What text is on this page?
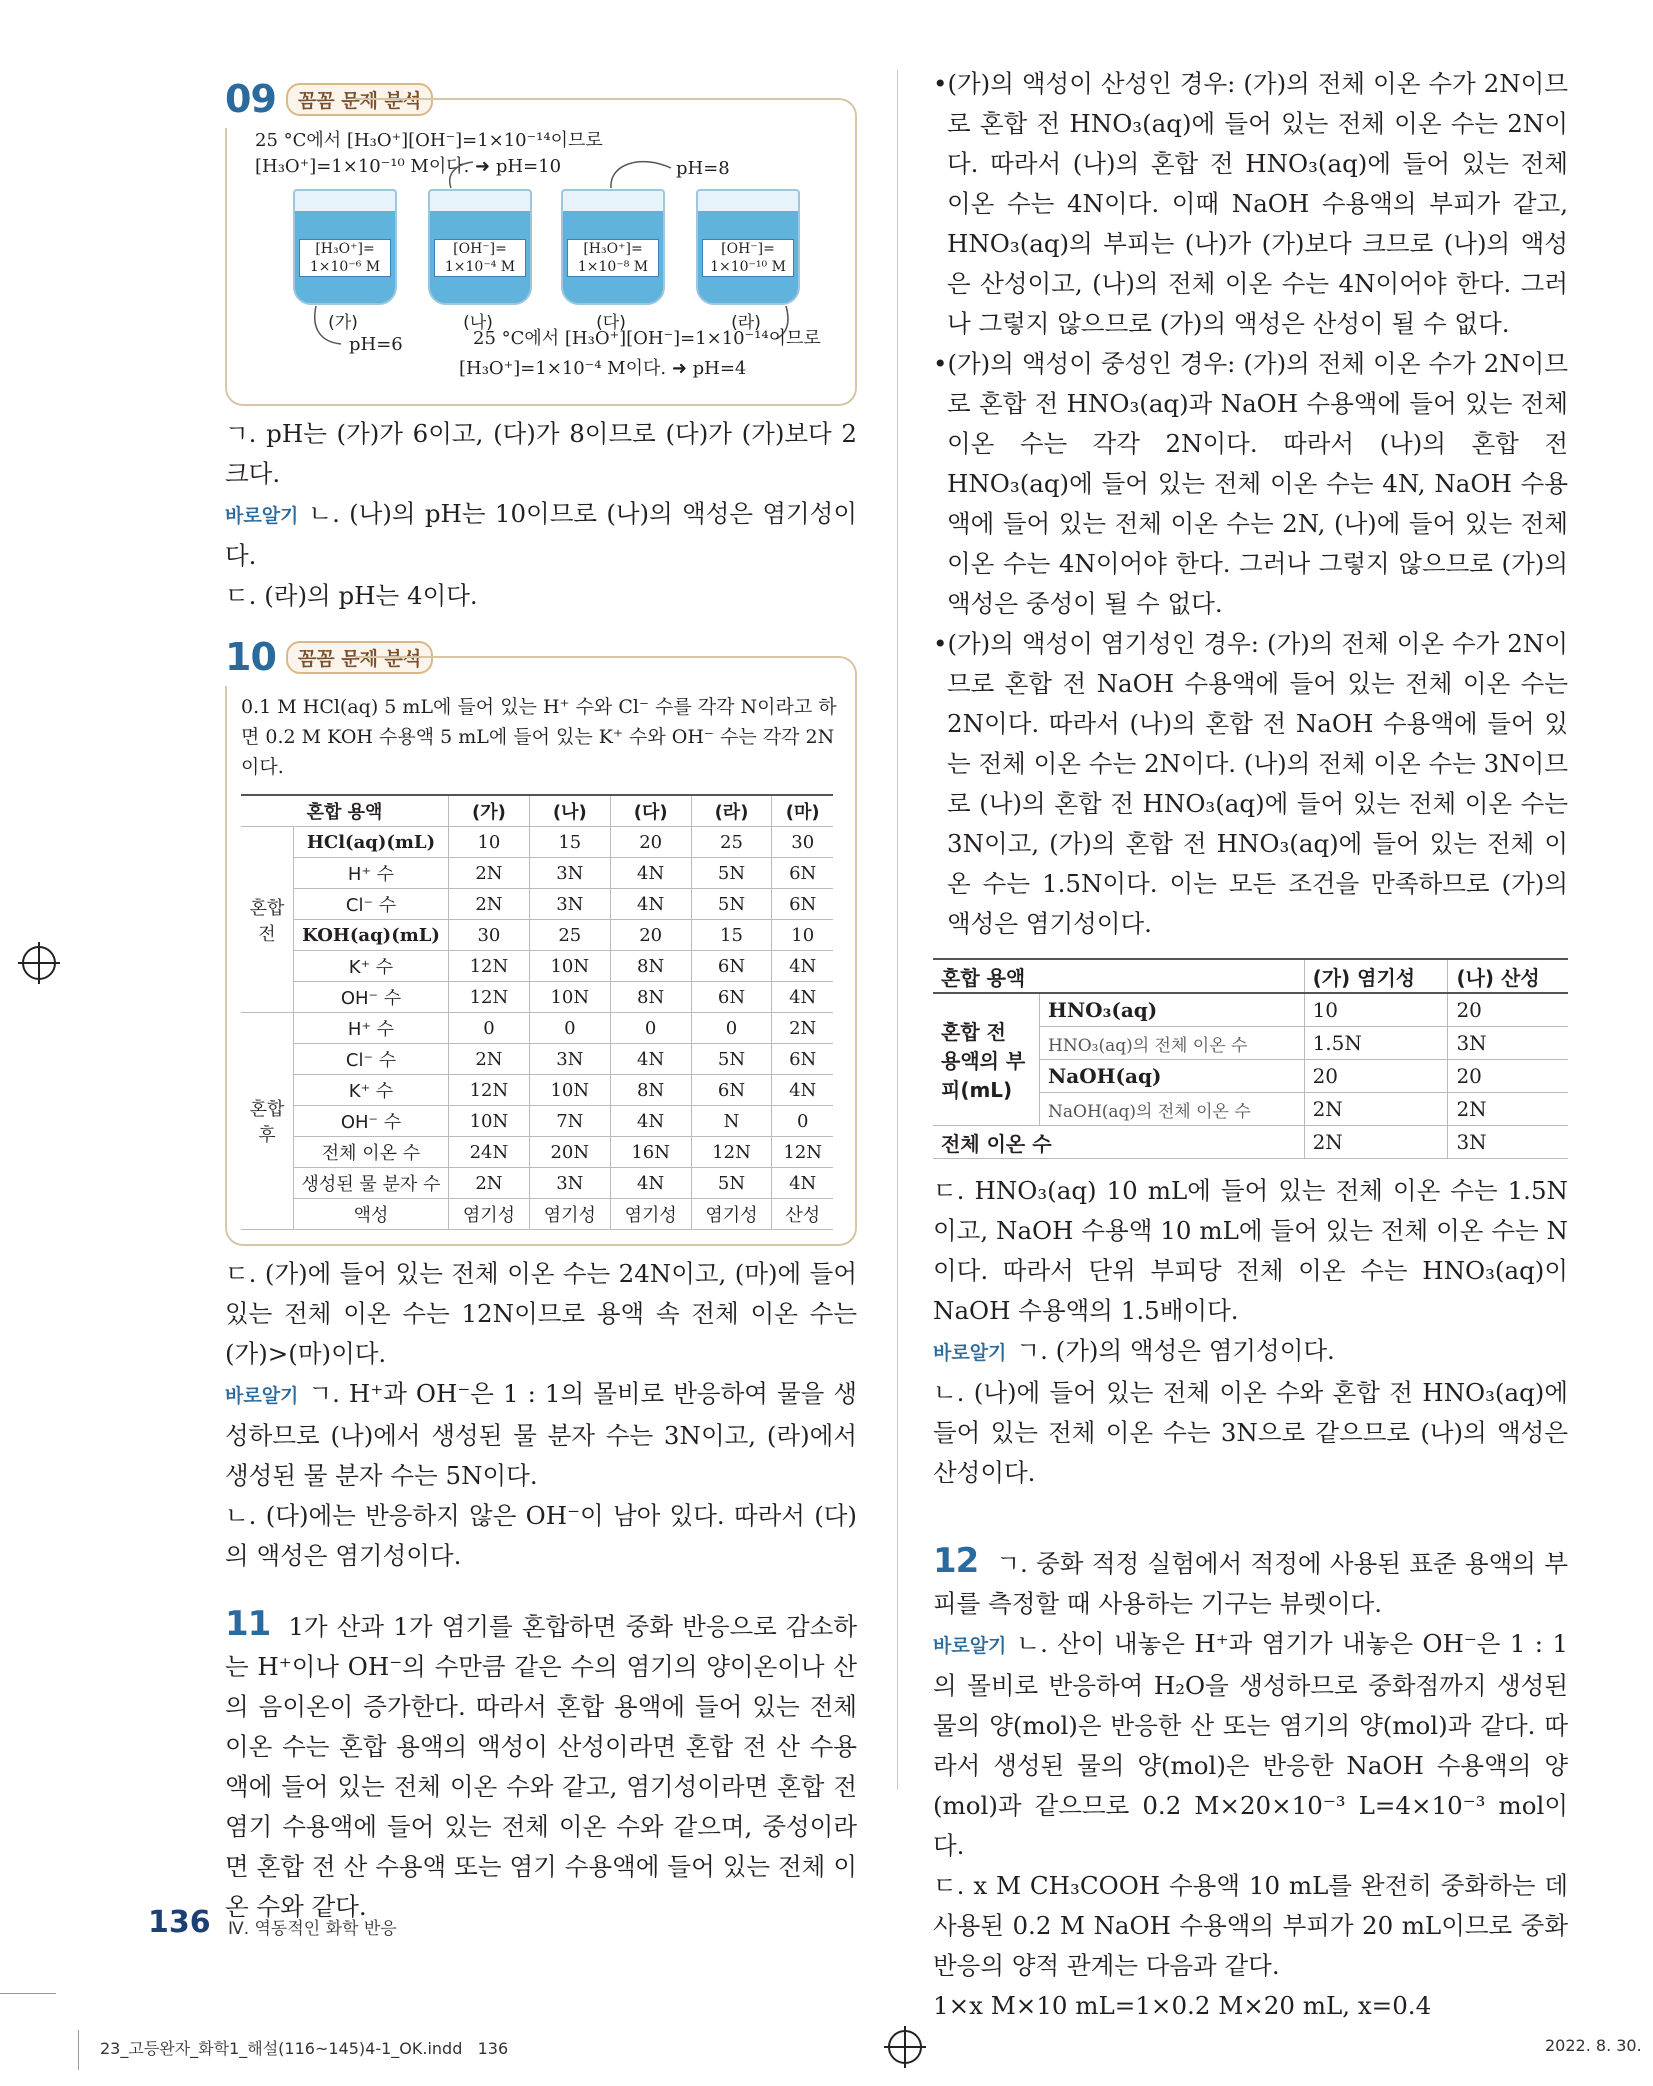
09	꼼꼼 문제 분석
25 °C에서 [H₃O⁺][OH⁻]=1×10⁻¹⁴이므로
[H₃O⁺]=1×10⁻¹⁰ M이다. ➜ pH=10	pH=8
[H₃O⁺]=
1×10⁻⁶ M
(가)
[OH⁻]=
1×10⁻⁴ M
(나)
[H₃O⁺]=
1×10⁻⁸ M
(다)
[OH⁻]=
1×10⁻¹⁰ M
(라)
pH=6	25 °C에서 [H₃O⁺][OH⁻]=1×10⁻¹⁴이므로
[H₃O⁺]=1×10⁻⁴ M이다. ➜ pH=4

ㄱ. pH는 (가)가 6이고, (다)가 8이므로 (다)가 (가)보다 2 크다.

바로알기 ㄴ. (나)의 pH는 10이므로 (나)의 액성은 염기성이다.

ㄷ. (라)의 pH는 4이다.

10	꼼꼼 문제 분석

0.1 M HCl(aq) 5 mL에 들어 있는 H⁺ 수와 Cl⁻ 수를 각각 N이라고 하면 0.2 M KOH 수용액 5 mL에 들어 있는 K⁺ 수와 OH⁻ 수는 각각 2N이다.

혼합 용액		(가)	(나)	(다)	(라)	(마)
혼합 전	HCl(aq)(mL)	10	15	20	25	30
	H⁺ 수	2N	3N	4N	5N	6N
	Cl⁻ 수	2N	3N	4N	5N	6N
	KOH(aq)(mL)	30	25	20	15	10
	K⁺ 수	12N	10N	8N	6N	4N
	OH⁻ 수	12N	10N	8N	6N	4N
혼합 후	H⁺ 수	0	0	0	0	2N
	Cl⁻ 수	2N	3N	4N	5N	6N
	K⁺ 수	12N	10N	8N	6N	4N
	OH⁻ 수	10N	7N	4N	N	0
	전체 이온 수	24N	20N	16N	12N	12N
	생성된 물 분자 수	2N	3N	4N	5N	4N
	액성	염기성	염기성	염기성	염기성	산성

ㄷ. (가)에 들어 있는 전체 이온 수는 24N이고, (마)에 들어 있는 전체 이온 수는 12N이므로 용액 속 전체 이온 수는 (가)>(마)이다.

바로알기 ㄱ. H⁺과 OH⁻은 1 : 1의 몰비로 반응하여 물을 생성하므로 (나)에서 생성된 물 분자 수는 3N이고, (라)에서 생성된 물 분자 수는 5N이다.

ㄴ. (다)에는 반응하지 않은 OH⁻이 남아 있다. 따라서 (다)의 액성은 염기성이다.

11 1가 산과 1가 염기를 혼합하면 중화 반응으로 감소하는 H⁺이나 OH⁻의 수만큼 같은 수의 염기의 양이온이나 산의 음이온이 증가한다. 따라서 혼합 용액에 들어 있는 전체 이온 수는 혼합 용액의 액성이 산성이라면 혼합 전 산 수용액에 들어 있는 전체 이온 수와 같고, 염기성이라면 혼합 전 염기 수용액에 들어 있는 전체 이온 수와 같으며, 중성이라면 혼합 전 산 수용액 또는 염기 수용액에 들어 있는 전체 이온 수와 같다.

•(가)의 액성이 산성인 경우: (가)의 전체 이온 수가 2N이므로 혼합 전 HNO₃(aq)에 들어 있는 전체 이온 수는 2N이다. 따라서 (나)의 혼합 전 HNO₃(aq)에 들어 있는 전체 이온 수는 4N이다. 이때 NaOH 수용액의 부피가 같고, HNO₃(aq)의 부피는 (나)가 (가)보다 크므로 (나)의 액성은 산성이고, (나)의 전체 이온 수는 4N이어야 한다. 그러나 그렇지 않으므로 (가)의 액성은 산성이 될 수 없다.

•(가)의 액성이 중성인 경우: (가)의 전체 이온 수가 2N이므로 혼합 전 HNO₃(aq)과 NaOH 수용액에 들어 있는 전체 이온 수는 각각 2N이다. 따라서 (나)의 혼합 전 HNO₃(aq)에 들어 있는 전체 이온 수는 4N, NaOH 수용액에 들어 있는 전체 이온 수는 2N, (나)에 들어 있는 전체 이온 수는 4N이어야 한다. 그러나 그렇지 않으므로 (가)의 액성은 중성이 될 수 없다.

•(가)의 액성이 염기성인 경우: (가)의 전체 이온 수가 2N이므로 혼합 전 NaOH 수용액에 들어 있는 전체 이온 수는 2N이다. 따라서 (나)의 혼합 전 NaOH 수용액에 들어 있는 전체 이온 수는 2N이다. (나)의 전체 이온 수는 3N이므로 (나)의 혼합 전 HNO₃(aq)에 들어 있는 전체 이온 수는 3N이고, (가)의 혼합 전 HNO₃(aq)에 들어 있는 전체 이온 수는 1.5N이다. 이는 모든 조건을 만족하므로 (가)의 액성은 염기성이다.

혼합 용액		(가) 염기성	(나) 산성
혼합 전 용액의 부피(mL)	HNO₃(aq)	10	20
	HNO₃(aq)의 전체 이온 수	1.5N	3N
	NaOH(aq)	20	20
	NaOH(aq)의 전체 이온 수	2N	2N
전체 이온 수		2N	3N

ㄷ. HNO₃(aq) 10 mL에 들어 있는 전체 이온 수는 1.5N이고, NaOH 수용액 10 mL에 들어 있는 전체 이온 수는 N이다. 따라서 단위 부피당 전체 이온 수는 HNO₃(aq)이 NaOH 수용액의 1.5배이다.

바로알기 ㄱ. (가)의 액성은 염기성이다.

ㄴ. (나)에 들어 있는 전체 이온 수와 혼합 전 HNO₃(aq)에 들어 있는 전체 이온 수는 3N으로 같으므로 (나)의 액성은 산성이다.

12 ㄱ. 중화 적정 실험에서 적정에 사용된 표준 용액의 부피를 측정할 때 사용하는 기구는 뷰렛이다.

바로알기 ㄴ. 산이 내놓은 H⁺과 염기가 내놓은 OH⁻은 1 : 1의 몰비로 반응하여 H₂O을 생성하므로 중화점까지 생성된 물의 양(mol)은 반응한 산 또는 염기의 양(mol)과 같다. 따라서 생성된 물의 양(mol)은 반응한 NaOH 수용액의 양(mol)과 같으므로 0.2 M×20×10⁻³ L=4×10⁻³ mol이다.

ㄷ. x M CH₃COOH 수용액 10 mL를 완전히 중화하는 데 사용된 0.2 M NaOH 수용액의 부피가 20 mL이므로 중화 반응의 양적 관계는 다음과 같다.

1×x M×10 mL=1×0.2 M×20 mL, x=0.4

136 Ⅳ. 역동적인 화학 반응
23_고등완자_화학1_해설(116~145)4-1_OK.indd   136	2022. 8. 30.
